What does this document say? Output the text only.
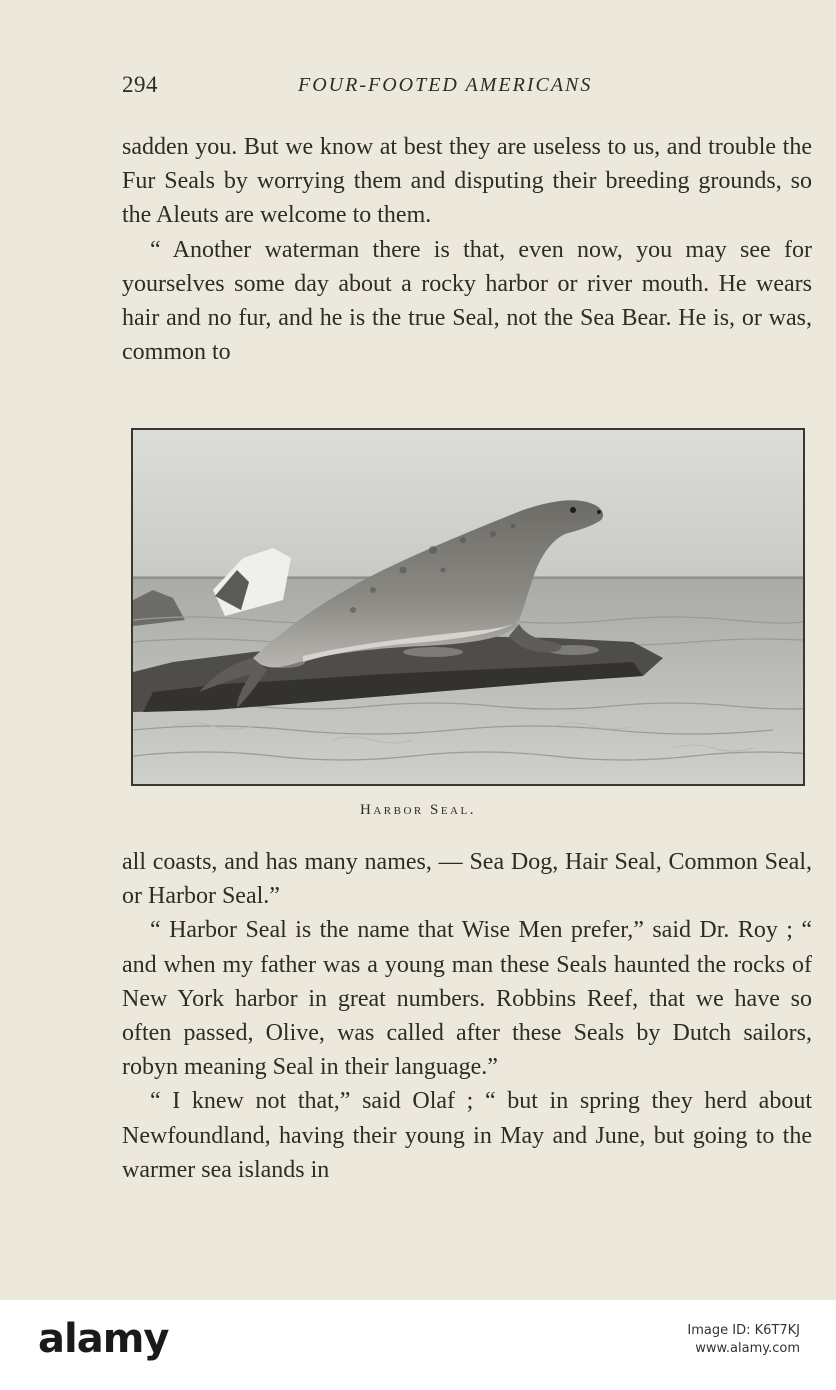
294	FOUR-FOOTED AMERICANS

sadden you. But we know at best they are useless to us, and trouble the Fur Seals by worrying them and disputing their breeding grounds, so the Aleuts are welcome to them.

“ Another waterman there is that, even now, you may see for yourselves some day about a rocky harbor or river mouth. He wears hair and no fur, and he is the true Seal, not the Sea Bear. He is, or was, common to

Harbor Seal.

all coasts, and has many names, — Sea Dog, Hair Seal, Common Seal, or Harbor Seal.”

“ Harbor Seal is the name that Wise Men prefer,” said Dr. Roy ; “ and when my father was a young man these Seals haunted the rocks of New York harbor in great numbers. Robbins Reef, that we have so often passed, Olive, was called after these Seals by Dutch sailors, robyn meaning Seal in their language.”

“ I knew not that,” said Olaf ; “ but in spring they herd about Newfoundland, having their young in May and June, but going to the warmer sea islands in

alamy	Image ID: K6T7KJ
www.alamy.com
